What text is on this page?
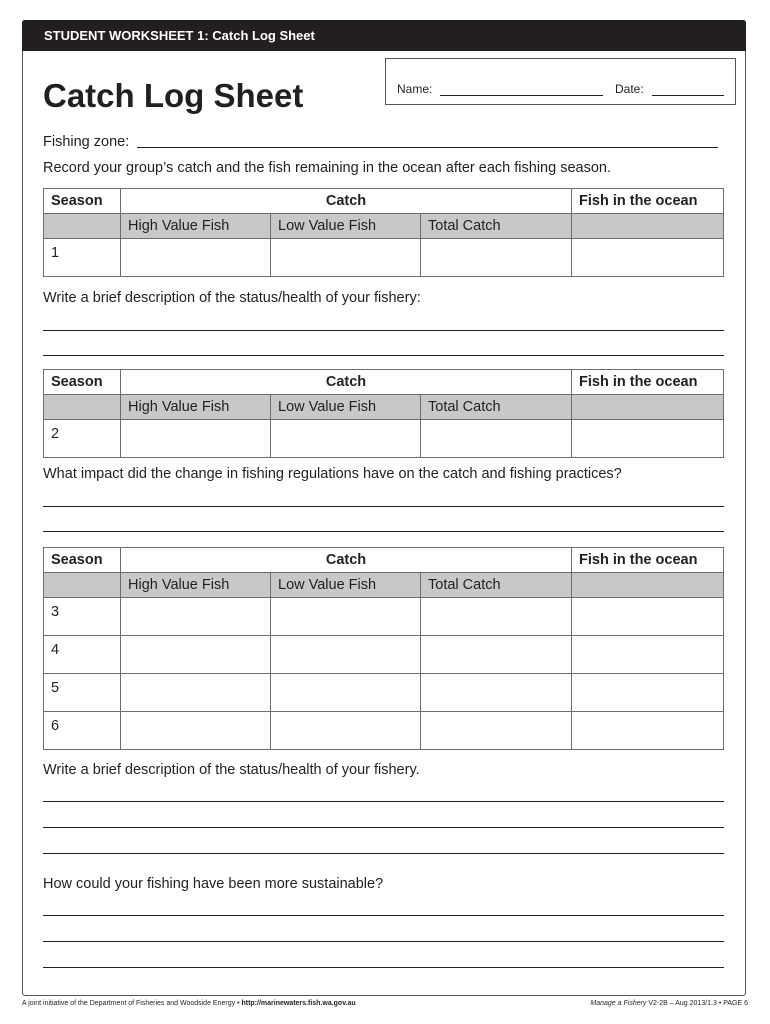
STUDENT WORKSHEET 1: Catch Log Sheet
Catch Log Sheet	Name:	Date:

Fishing zone:

Record your group’s catch and the fish remaining in the ocean after each fishing season.

Season	Catch			Fish in the ocean
	High Value Fish	Low Value Fish	Total Catch	
1				

Write a brief description of the status/health of your fishery:

Season	Catch			Fish in the ocean
	High Value Fish	Low Value Fish	Total Catch	
2				

What impact did the change in fishing regulations have on the catch and fishing practices?

Season	Catch			Fish in the ocean
	High Value Fish	Low Value Fish	Total Catch	
3				
4				
5				
6				

Write a brief description of the status/health of your fishery.

How could your fishing have been more sustainable?

A joint initiative of the Department of Fisheries and Woodside Energy • http://marinewaters.fish.wa.gov.au	Manage a Fishery V2-2B – Aug 2013/1.3 • PAGE 6
